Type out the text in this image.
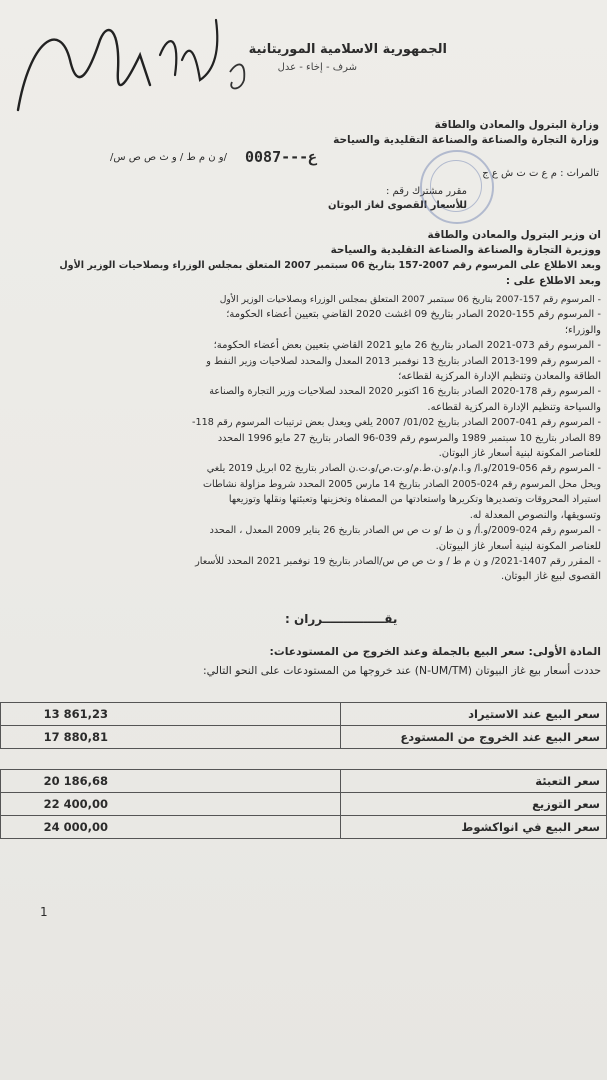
الجمهورية الاسلامية الموريتانية
شرف - إخاء - عدل
وزارة البترول والمعادن والطاقة
وزارة التجارة والصناعة والصناعة التقليدية والسياحة
0087---ع
/و ن م ط / و ث ص ص س/
تالمرات : م ع ت ت ش ع ج
مقرر مشترك رقم :
للأسعار القصوى لغاز البوتان

ان وزير البترول والمعادن والطاقة

ووزيرة التجارة والصناعة والصناعة التقليدية والسياحة

وبعد الاطلاع على المرسوم رقم 2007-157 بتاريخ 06 سبتمبر 2007 المتعلق بمجلس الوزراء وبصلاحيات الوزير الأول

وبعد الاطلاع على :

- المرسوم رقم 157-2007 بتاريخ 06 سبتمبر 2007 المتعلق بمجلس الوزراء وبصلاحيات الوزير الأول

- المرسوم رقم 155-2020 الصادر بتاريخ 09 اغشت 2020 القاضي بتعيين أعضاء الحكومة؛

والوزراء؛

- المرسوم رقم 073-2021 الصادر بتاريخ 26 مايو 2021 القاضي بتعيين بعض أعضاء الحكومة؛

- المرسوم رقم 199-2013 الصادر بتاريخ 13 نوفمبر 2013 المعدل والمحدد لصلاحيات وزير النفط و

الطاقة والمعادن وتنظيم الإدارة المركزية لقطاعه؛

- المرسوم رقم 178-2020 الصادر بتاريخ 16 اكتوبر 2020 المحدد لصلاحيات وزير التجارة والصناعة

والسياحة وتنظيم الإدارة المركزية لقطاعه.

- المرسوم رقم 041-2007 الصادر بتاريخ 01/02/ 2007 يلغي ويعدل بعض ترتيبات المرسوم رقم 118-

89 الصادر بتاريخ 10 سبتمبر 1989 والمرسوم رقم 039-96 الصادر بتاريخ 27 مايو 1996 المحدد

للعناصر المكونة لبنية أسعار غاز البوتان.

- المرسوم رقم 056-2019/و.ا/ و.ا.م/و.ن.ط.م/و.ت.ص/و.ت.ن الصادر بتاريخ 02 ابريل 2019 يلغي

ويحل محل المرسوم رقم 024-2005 الصادر بتاريخ 14 مارس 2005 المحدد شروط مزاولة نشاطات

استيراد المحروقات وتصديرها وتكريرها واستعادتها من المصفاة وتخزينها وتعبئتها ونقلها وتوزيعها

وتسويقها، والنصوص المعدلة له.

- المرسوم رقم 024-2009/و.أ/ و ن ط /و ت ص س الصادر بتاريخ 26 يناير 2009 المعدل ، المحدد

للعناصر المكونة لبنية أسعار غاز البيوتان.

- المقرر رقم 1407-2021/ و ن م ط / و ث ص ص س/الصادر بتاريخ 19 نوفمبر 2021 المحدد للأسعار

القصوى لبيع غاز البوتان.

يقـــــــــــــــرران :
المادة الأولى: سعر البيع بالجملة وعند الخروج من المستودعات:
حددت أسعار بيع غاز البيوتان (N-UM/TM) عند خروجها من المستودعات على النحو التالي:
13 861,23	سعر البيع عند الاستيراد
17 880,81	سعر البيع عند الخروج من المستودع

20 186,68	سعر التعبئة
22 400,00	سعر التوزيع
24 000,00	سعر البيع في انواكشوط
1
